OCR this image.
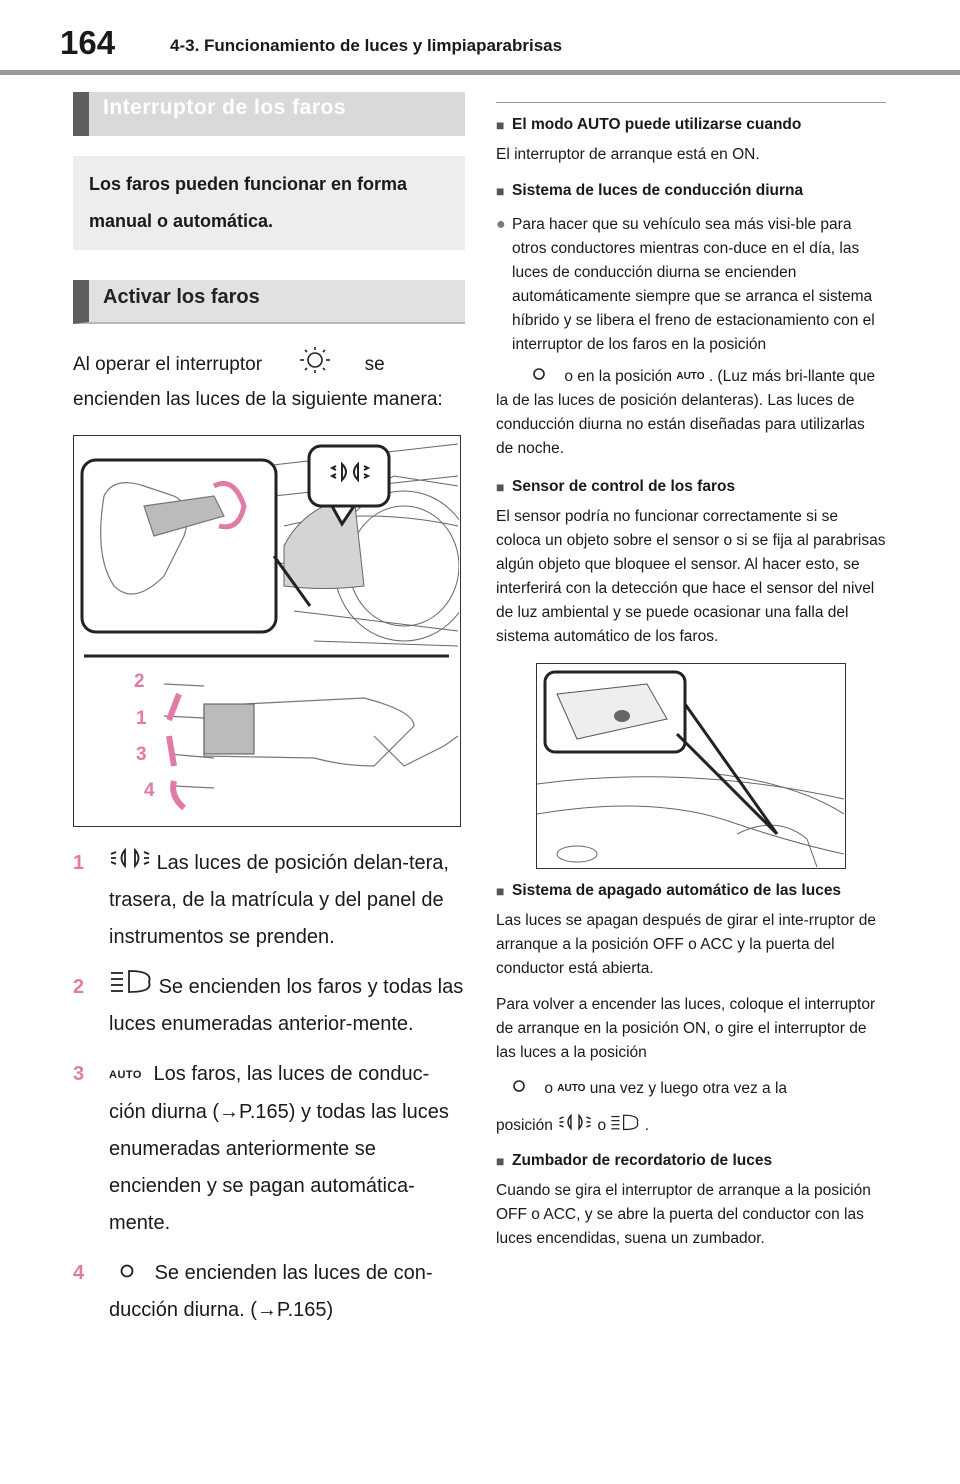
164	4-3. Funcionamiento de luces y limpiaparabrisas
Interruptor de los faros
Los faros pueden funcionar en forma manual o automática.
Activar los faros
Al operar el interruptor	se encienden las luces de la siguiente manera:
2
1
3
4
1	Las luces de posición delan-tera, trasera, de la matrícula y del panel de instrumentos se prenden.
2	Se encienden los faros y todas las luces enumeradas anterior-mente.
3	AUTO Los faros, las luces de conduc-ción diurna (→P.165) y todas las luces enumeradas anteriormente se encienden y se pagan automática-mente.
4	Se encienden las luces de con-ducción diurna. (→P.165)
■ El modo AUTO puede utilizarse cuando
El interruptor de arranque está en ON.
■ Sistema de luces de conducción diurna
● Para hacer que su vehículo sea más visi-ble para otros conductores mientras con-duce en el día, las luces de conducción diurna se encienden automáticamente siempre que se arranca el sistema híbrido y se libera el freno de estacionamiento con el interruptor de los faros en la posición
o en la posición AUTO . (Luz más bri-llante que la de las luces de posición delanteras). Las luces de conducción diurna no están diseñadas para utilizarlas de noche.
■ Sensor de control de los faros
El sensor podría no funcionar correctamente si se coloca un objeto sobre el sensor o si se fija al parabrisas algún objeto que bloquee el sensor. Al hacer esto, se interferirá con la detección que hace el sensor del nivel de luz ambiental y se puede ocasionar una falla del sistema automático de los faros.
■ Sistema de apagado automático de las luces
Las luces se apagan después de girar el inte-rruptor de arranque a la posición OFF o ACC y la puerta del conductor está abierta.
Para volver a encender las luces, coloque el interruptor de arranque en la posición ON, o gire el interruptor de las luces a la posición
o AUTO una vez y luego otra vez a la
posición	o .
■ Zumbador de recordatorio de luces
Cuando se gira el interruptor de arranque a la posición OFF o ACC, y se abre la puerta del conductor con las luces encendidas, suena un zumbador.
